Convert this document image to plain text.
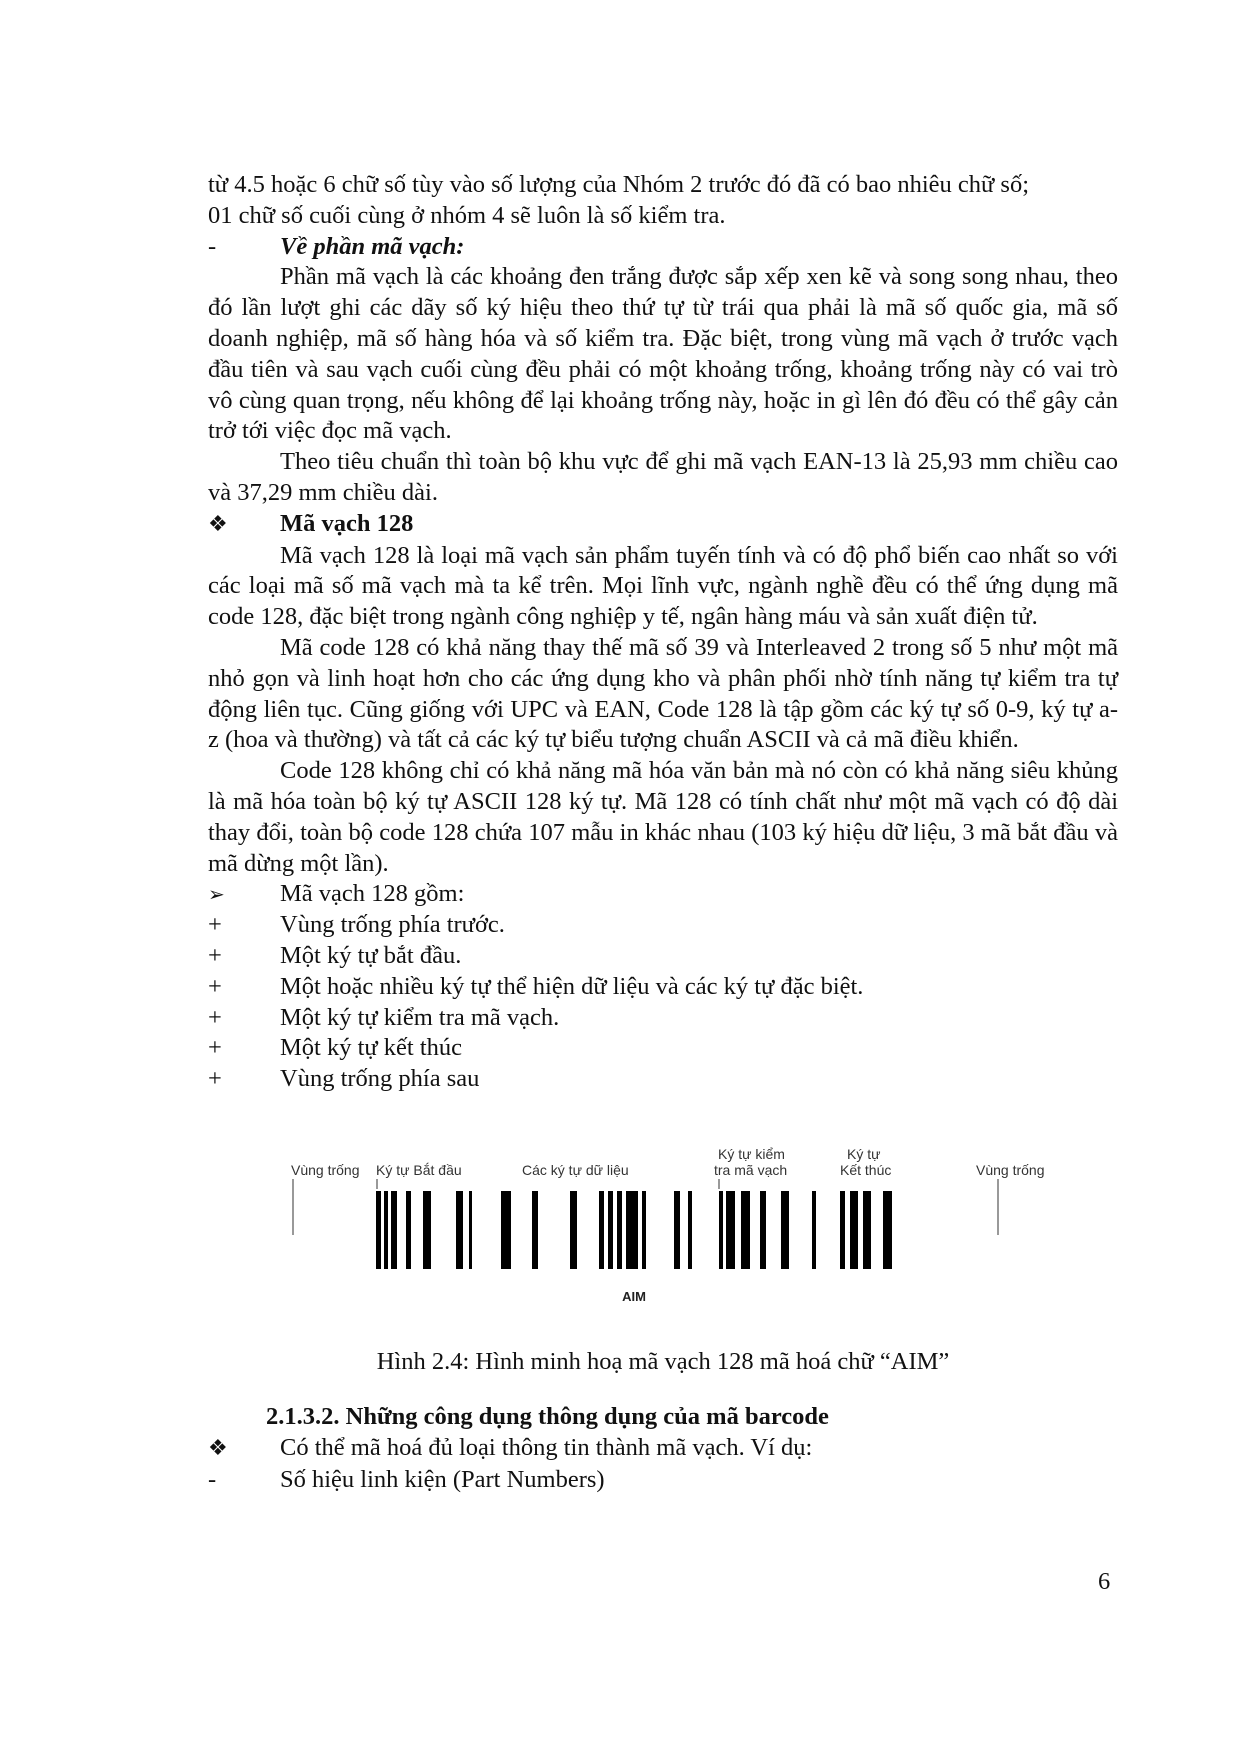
từ 4.5 hoặc 6 chữ số tùy vào số lượng của Nhóm 2 trước đó đã có bao nhiêu chữ số;

01 chữ số cuối cùng ở nhóm 4 sẽ luôn là số kiểm tra.

-	Về phần mã vạch:

Phần mã vạch là các khoảng đen trắng được sắp xếp xen kẽ và song song nhau, theo đó lần lượt ghi các dãy số ký hiệu theo thứ tự từ trái qua phải là mã số quốc gia, mã số doanh nghiệp, mã số hàng hóa và số kiểm tra. Đặc biệt, trong vùng mã vạch ở trước vạch đầu tiên và sau vạch cuối cùng đều phải có một khoảng trống, khoảng trống này có vai trò vô cùng quan trọng, nếu không để lại khoảng trống này, hoặc in gì lên đó đều có thể gây cản trở tới việc đọc mã vạch.

Theo tiêu chuẩn thì toàn bộ khu vực để ghi mã vạch EAN-13 là 25,93 mm chiều cao và 37,29 mm chiều dài.

❖	Mã vạch 128

Mã vạch 128 là loại mã vạch sản phẩm tuyến tính và có độ phổ biến cao nhất so với các loại mã số mã vạch mà ta kể trên. Mọi lĩnh vực, ngành nghề đều có thể ứng dụng mã code 128, đặc biệt trong ngành công nghiệp y tế, ngân hàng máu và sản xuất điện tử.

Mã code 128 có khả năng thay thế mã số 39 và Interleaved 2 trong số 5 như một mã nhỏ gọn và linh hoạt hơn cho các ứng dụng kho và phân phối nhờ tính năng tự kiểm tra tự động liên tục. Cũng giống với UPC và EAN, Code 128 là tập gồm các ký tự số 0-9, ký tự a-z (hoa và thường) và tất cả các ký tự biểu tượng chuẩn ASCII và cả mã điều khiển.

Code 128 không chỉ có khả năng mã hóa văn bản mà nó còn có khả năng siêu khủng là mã hóa toàn bộ ký tự ASCII 128 ký tự. Mã 128 có tính chất như một mã vạch có độ dài thay đổi, toàn bộ code 128 chứa 107 mẫu in khác nhau (103 ký hiệu dữ liệu, 3 mã bắt đầu và mã dừng một lần).

➢	Mã vạch 128 gồm:
+	Vùng trống phía trước.
+	Một ký tự bắt đầu.
+	Một hoặc nhiều ký tự thể hiện dữ liệu và các ký tự đặc biệt.
+	Một ký tự kiểm tra mã vạch.
+	Một ký tự kết thúc
+	Vùng trống phía sau
Vùng trống Ký tự Bắt đầu	Các ký tự dữ liệu
Ký tự kiểm
tra mã vạch
Ký tự
Kết thúc	Vùng trống
AIM

Hình 2.4: Hình minh hoạ mã vạch 128 mã hoá chữ “AIM”

2.1.3.2. Những công dụng thông dụng của mã barcode

❖	Có thể mã hoá đủ loại thông tin thành mã vạch. Ví dụ:
-	Số hiệu linh kiện (Part Numbers)
6
